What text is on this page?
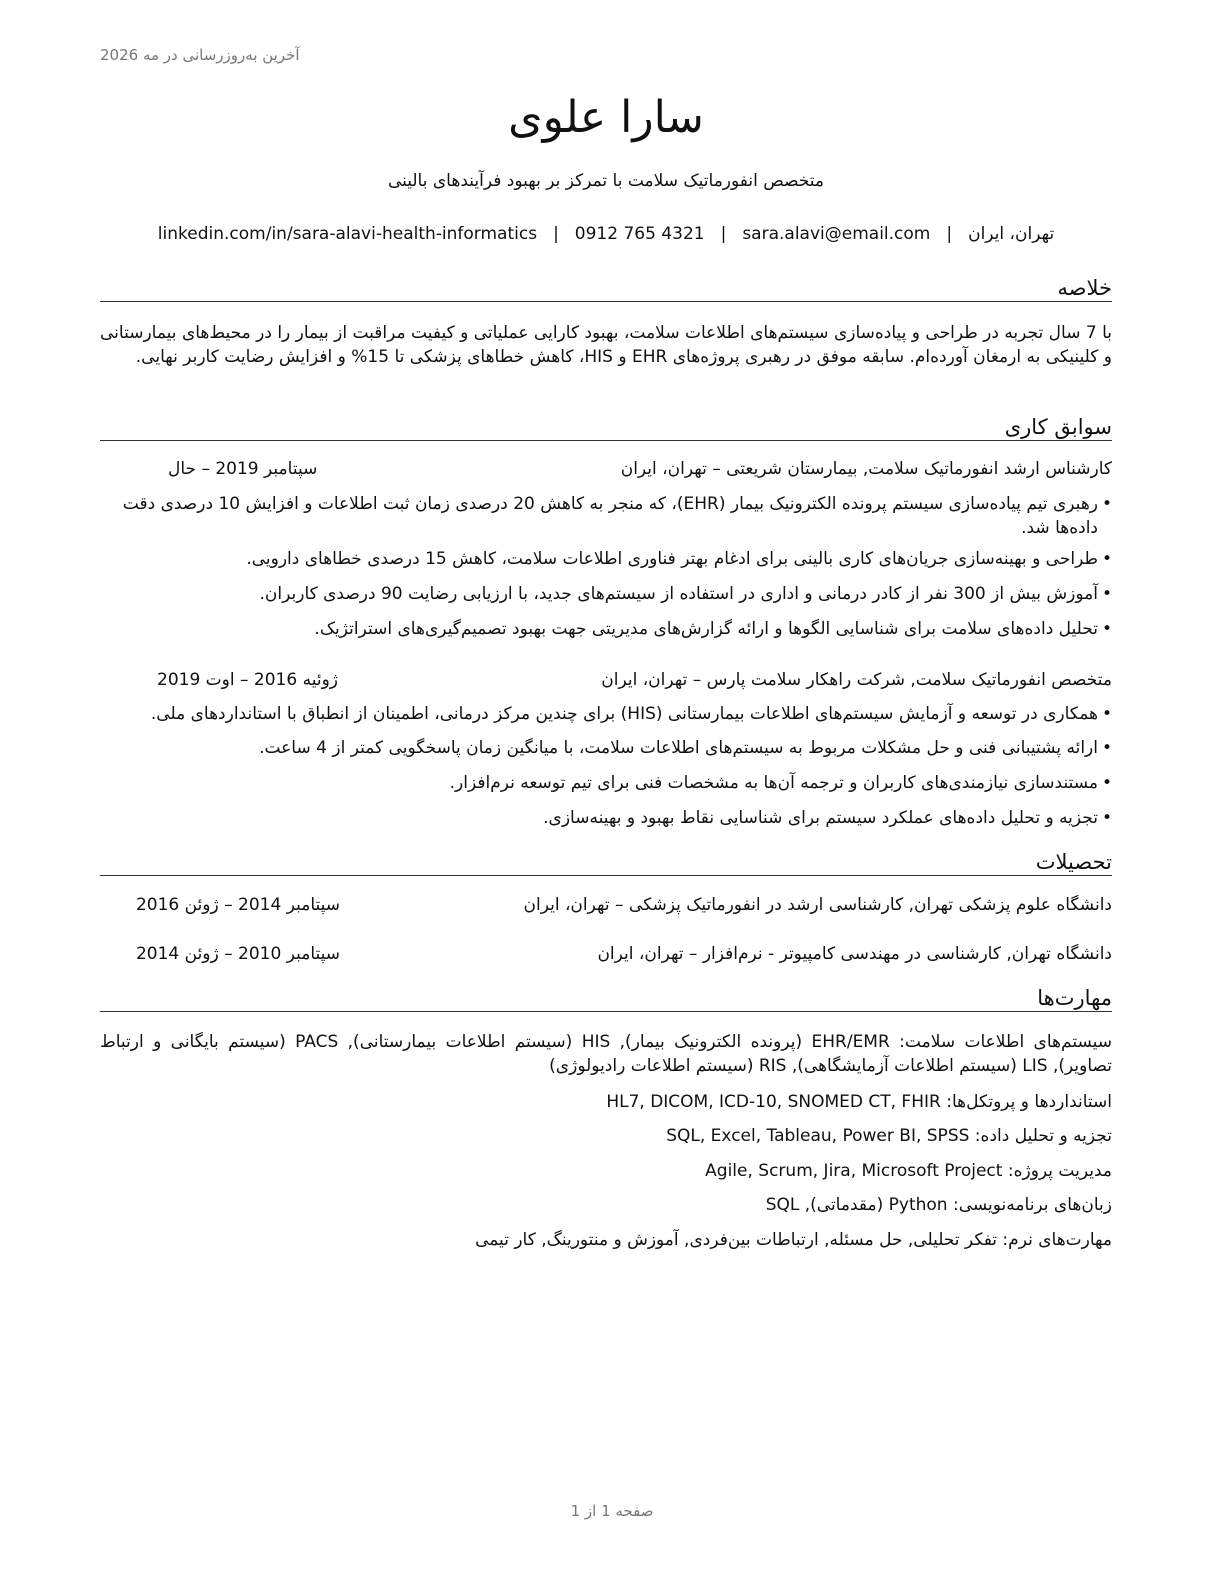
آخرین به‌روزرسانی در مه 2026
سارا علوی
متخصص انفورماتیک سلامت با تمرکز بر بهبود فرآیندهای بالینی
linkedin.com/in/sara-alavi-health-informatics | 0912 765 4321 | sara.alavi@email.com | تهران، ایران
خلاصه
با 7 سال تجربه در طراحی و پیاده‌سازی سیستم‌های اطلاعات سلامت، بهبود کارایی عملیاتی و کیفیت مراقبت از بیمار را در محیط‌های بیمارستانی و کلینیکی به ارمغان آورده‌ام. سابقه موفق در رهبری پروژه‌های EHR و HIS، کاهش خطاهای پزشکی تا 15% و افزایش رضایت کاربر نهایی.
سوابق کاری
کارشناس ارشد انفورماتیک سلامت, بیمارستان شریعتی – تهران، ایران
سپتامبر 2019 – حال
• رهبری تیم پیاده‌سازی سیستم پرونده الکترونیک بیمار (EHR)، که منجر به کاهش 20 درصدی زمان ثبت اطلاعات و افزایش 10 درصدی دقت داده‌ها شد.
• طراحی و بهینه‌سازی جریان‌های کاری بالینی برای ادغام بهتر فناوری اطلاعات سلامت، کاهش 15 درصدی خطاهای دارویی.
• آموزش بیش از 300 نفر از کادر درمانی و اداری در استفاده از سیستم‌های جدید، با ارزیابی رضایت 90 درصدی کاربران.
• تحلیل داده‌های سلامت برای شناسایی الگوها و ارائه گزارش‌های مدیریتی جهت بهبود تصمیم‌گیری‌های استراتژیک.
متخصص انفورماتیک سلامت, شرکت راهکار سلامت پارس – تهران، ایران
ژوئیه 2016 – اوت 2019
• همکاری در توسعه و آزمایش سیستم‌های اطلاعات بیمارستانی (HIS) برای چندین مرکز درمانی، اطمینان از انطباق با استانداردهای ملی.
• ارائه پشتیبانی فنی و حل مشکلات مربوط به سیستم‌های اطلاعات سلامت، با میانگین زمان پاسخگویی کمتر از 4 ساعت.
• مستندسازی نیازمندی‌های کاربران و ترجمه آن‌ها به مشخصات فنی برای تیم توسعه نرم‌افزار.
• تجزیه و تحلیل داده‌های عملکرد سیستم برای شناسایی نقاط بهبود و بهینه‌سازی.
تحصیلات
دانشگاه علوم پزشکی تهران, کارشناسی ارشد در انفورماتیک پزشکی – تهران، ایران
سپتامبر 2014 – ژوئن 2016
دانشگاه تهران, کارشناسی در مهندسی کامپیوتر - نرم‌افزار – تهران، ایران
سپتامبر 2010 – ژوئن 2014
مهارت‌ها
سیستم‌های اطلاعات سلامت: EHR/EMR (پرونده الکترونیک بیمار), HIS (سیستم اطلاعات بیمارستانی), PACS (سیستم بایگانی و ارتباط تصاویر), LIS (سیستم اطلاعات آزمایشگاهی), RIS (سیستم اطلاعات رادیولوژی)
استانداردها و پروتکل‌ها: HL7, DICOM, ICD-10, SNOMED CT, FHIR
تجزیه و تحلیل داده: SQL, Excel, Tableau, Power BI, SPSS
مدیریت پروژه: Agile, Scrum, Jira, Microsoft Project
زبان‌های برنامه‌نویسی: Python (مقدماتی), SQL
مهارت‌های نرم: تفکر تحلیلی, حل مسئله, ارتباطات بین‌فردی, آموزش و منتورینگ, کار تیمی
صفحه 1 از 1
